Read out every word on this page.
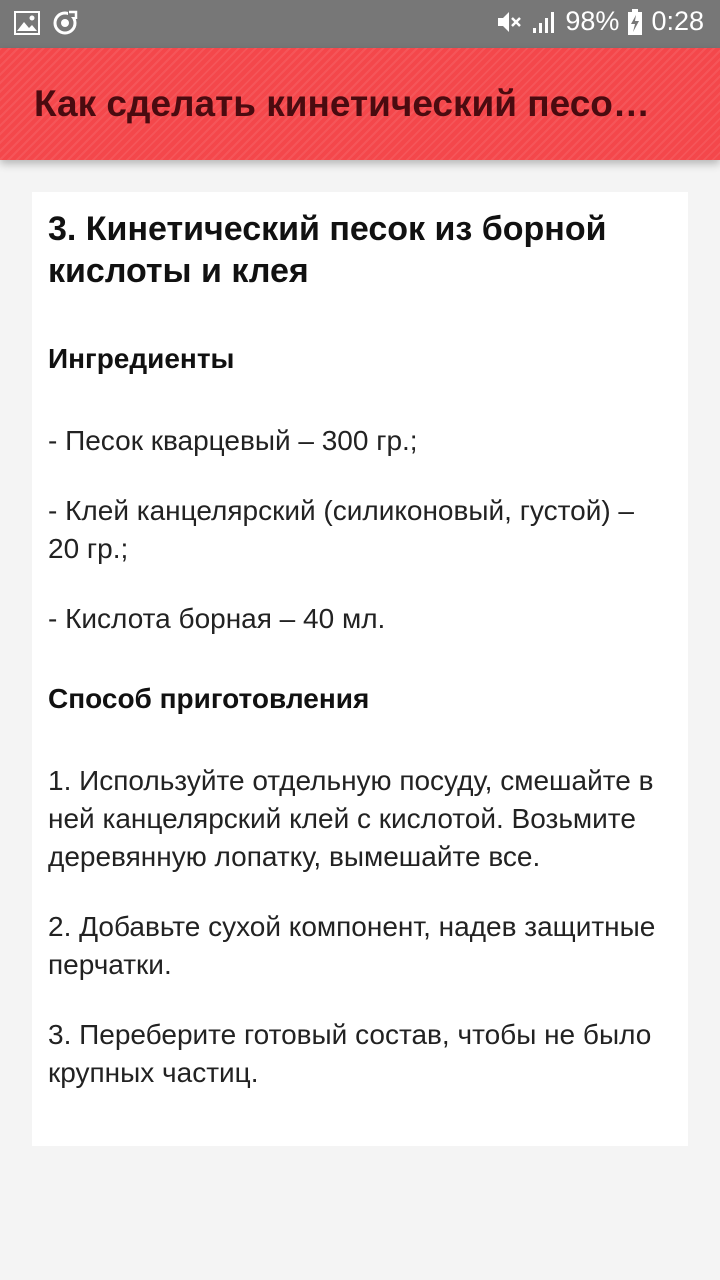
98% 0:28
Как сделать кинетический песо…
3. Кинетический песок из борной кислоты и клея
Ингредиенты

- Песок кварцевый – 300 гр.;

- Клей канцелярский (силиконовый, густой) – 20 гр.;

- Кислота борная – 40 мл.

Способ приготовления

1. Используйте отдельную посуду, смешайте в ней канцелярский клей с кислотой. Возьмите деревянную лопатку, вымешайте все.

2. Добавьте сухой компонент, надев защитные перчатки.

3. Переберите готовый состав, чтобы не было крупных частиц.
